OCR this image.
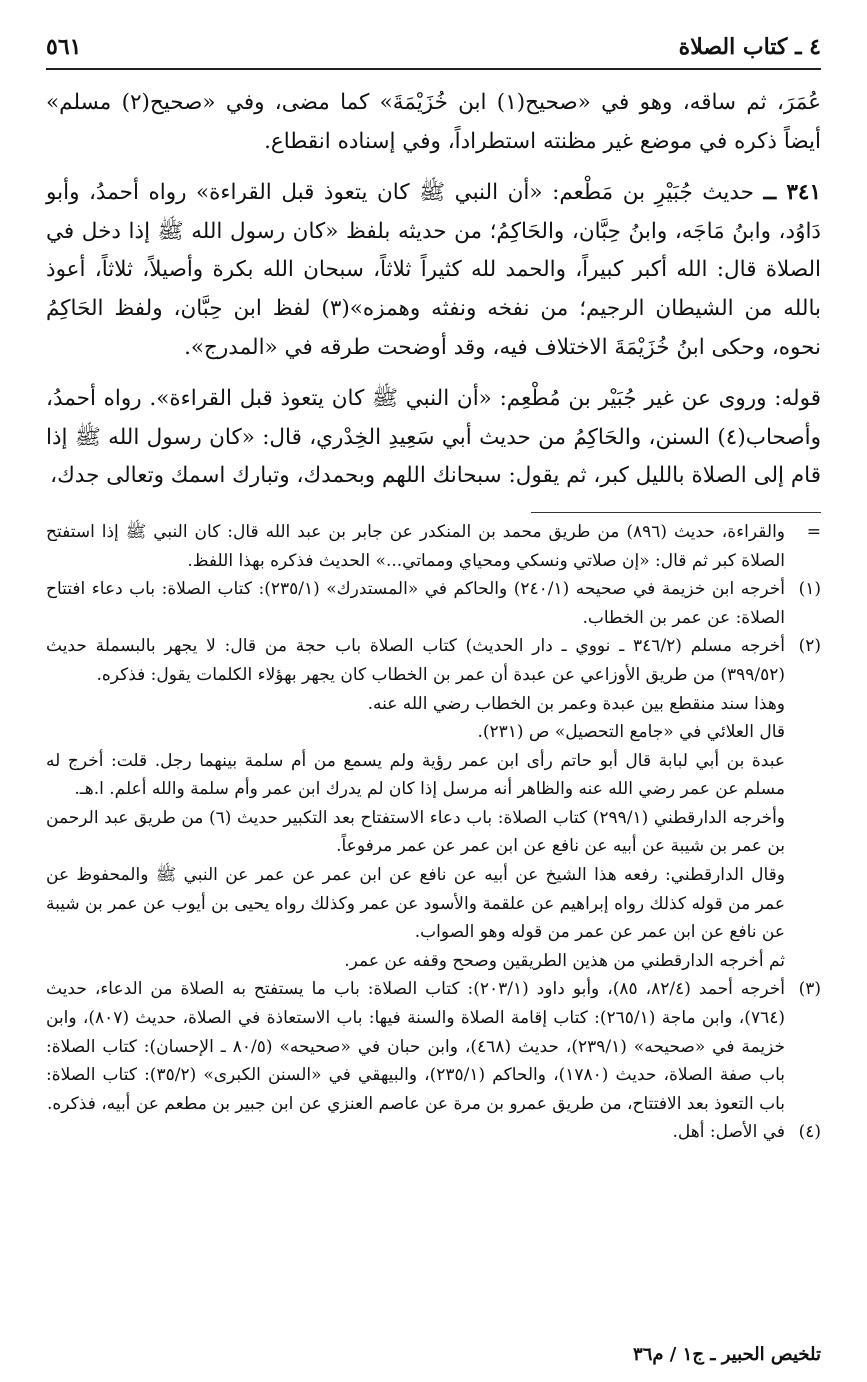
٤ ـ كتاب الصلاة
٥٦١

عُمَرَ، ثم ساقه، وهو في «صحيح(١) ابن خُزَيْمَةَ» كما مضى، وفي «صحيح(٢) مسلم» أيضاً ذكره في موضع غير مظنته استطراداً، وفي إسناده انقطاع.

٣٤١ ــ حديث جُبَيْرِ بن مَطْعم: «أن النبي ﷺ كان يتعوذ قبل القراءة» رواه أحمدُ، وأبو دَاوُد، وابنُ مَاجَه، وابنُ حِبَّان، والحَاكِمُ؛ من حديثه بلفظ «كان رسول الله ﷺ إذا دخل في الصلاة قال: الله أكبر كبيراً، والحمد لله كثيراً ثلاثاً، سبحان الله بكرة وأصيلاً، ثلاثاً، أعوذ بالله من الشيطان الرجيم؛ من نفخه ونفثه وهمزه»(٣) لفظ ابن حِبَّان، ولفظ الحَاكِمُ نحوه، وحكى ابنُ خُزَيْمَةَ الاختلاف فيه، وقد أوضحت طرقه في «المدرج».

قوله: وروى عن غير جُبَيْر بن مُطْعِم: «أن النبي ﷺ كان يتعوذ قبل القراءة». رواه أحمدُ، وأصحاب(٤) السنن، والحَاكِمُ من حديث أبي سَعِيدِ الخِدْري، قال: «كان رسول الله ﷺ إذا قام إلى الصلاة بالليل كبر، ثم يقول: سبحانك اللهم وبحمدك، وتبارك اسمك وتعالى جدك،

=
والقراءة، حديث (٨٩٦) من طريق محمد بن المنكدر عن جابر بن عبد الله قال: كان النبي ﷺ إذا استفتح الصلاة كبر ثم قال: «إن صلاتي ونسكي ومحياي ومماتي...» الحديث فذكره بهذا اللفظ.

(١)
أخرجه ابن خزيمة في صحيحه (٢٤٠/١) والحاكم في «المستدرك» (٢٣٥/١): كتاب الصلاة: باب دعاء افتتاح الصلاة: عن عمر بن الخطاب.

(٢)
أخرجه مسلم (٣٤٦/٢ ـ نووي ـ دار الحديث) كتاب الصلاة باب حجة من قال: لا يجهر بالبسملة حديث (٣٩٩/٥٢) من طريق الأوزاعي عن عبدة أن عمر بن الخطاب كان يجهر بهؤلاء الكلمات يقول: فذكره.

وهذا سند منقطع بين عبدة وعمر بن الخطاب رضي الله عنه.

قال العلائي في «جامع التحصيل» ص (٢٣١).

عبدة بن أبي لبابة قال أبو حاتم رأى ابن عمر رؤية ولم يسمع من أم سلمة بينهما رجل. قلت: أخرج له مسلم عن عمر رضي الله عنه والظاهر أنه مرسل إذا كان لم يدرك ابن عمر وأم سلمة والله أعلم. ا.هـ.

وأخرجه الدارقطني (٢٩٩/١) كتاب الصلاة: باب دعاء الاستفتاح بعد التكبير حديث (٦) من طريق عبد الرحمن بن عمر بن شيبة عن أبيه عن نافع عن ابن عمر عن عمر مرفوعاً.

وقال الدارقطني: رفعه هذا الشيخ عن أبيه عن نافع عن ابن عمر عن عمر عن النبي ﷺ والمحفوظ عن عمر من قوله كذلك رواه إبراهيم عن علقمة والأسود عن عمر وكذلك رواه يحيى بن أيوب عن عمر بن شيبة عن نافع عن ابن عمر عن عمر من قوله وهو الصواب.

ثم أخرجه الدارقطني من هذين الطريقين وصحح وقفه عن عمر.

(٣)
أخرجه أحمد (٨٢/٤، ٨٥)، وأبو داود (٢٠٣/١): كتاب الصلاة: باب ما يستفتح به الصلاة من الدعاء، حديث (٧٦٤)، وابن ماجة (٢٦٥/١): كتاب إقامة الصلاة والسنة فيها: باب الاستعاذة في الصلاة، حديث (٨٠٧)، وابن خزيمة في «صحيحه» (٢٣٩/١)، حديث (٤٦٨)، وابن حبان في «صحيحه» (٨٠/٥ ـ الإحسان): كتاب الصلاة: باب صفة الصلاة، حديث (١٧٨٠)، والحاكم (٢٣٥/١)، والبيهقي في «السنن الكبرى» (٣٥/٢): كتاب الصلاة: باب التعوذ بعد الافتتاح، من طريق عمرو بن مرة عن عاصم العنزي عن ابن جبير بن مطعم عن أبيه، فذكره.

(٤)
في الأصل: أهل.

تلخيص الحبير ـ ج١ / م٣٦
